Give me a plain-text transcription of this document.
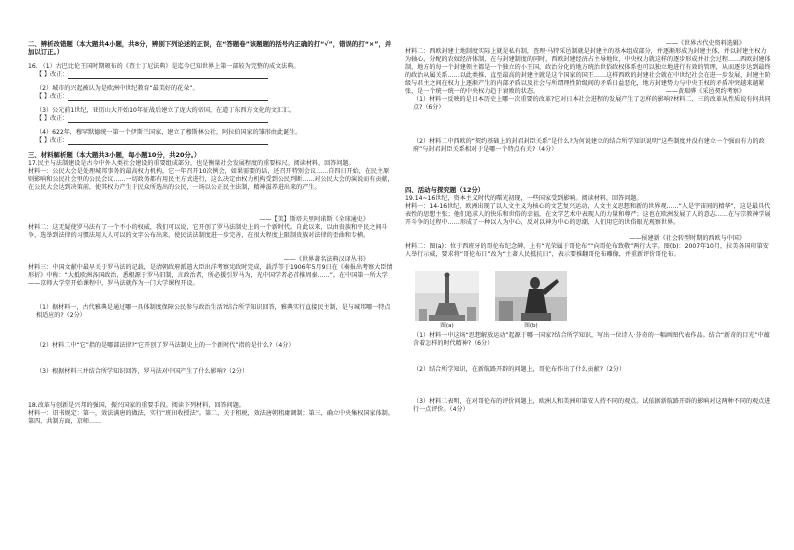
二、辨析改错题（本大题共4小题，共8分，辨别下列论述的正误，在“答题卷”该题题的括号内正确的打“√”，错误的打“×”，并加以订正。）

16. （1）古巴比伦王国时期颁布的《査士丁尼法典》是迄今已知世界上第一部较为完整的成文法典。

【 】改正：

（2）城市的兴起被认为是欧洲中世纪教育“最美好的花朵”。

【 】改正：

（3）公元前1世纪，亚历山大开始10年征战后建立了庞大的帝国，在道丁东西方文化的文汇汇。

【 】改正：

（4）622年，穆罕默德统一第一个伊斯兰国家，建立了穆斯林公社，阿拉伯国家的雏形由此诞生。

【 】改正：

三、材料解析题（本大题共3小题，每小题10分，共20分。）

17.民主与法制建设是古今中外人类社会建设的重要组成部分，也是衡量社会发展程度的重要标尺。阅读材料，回答问题。

材料一：公民大会是处理城邦事务的最高权力机构，它一年召开10次例会，如果需要的话，还召开特别会议……自四日开始，在民主原则影响和公民社会里的公民会议……一切政务都有用民主方式进行，这么决定由权力机构受到公民判断……对公民大会的演说而有贡献，在公民大会达到决策前，使其权力产生于民众所选出的公民，一场以公正民主法制，精神滋养进出来的产生。

——【美】斯塔夫里阿诺斯《全球通史》

材料二：这无疑使罗马法有了一个不小的权威，我们可以说，它开创了罗马法制史上的一个新时代。自此以来，以由贵族和平民之间斗争，选举到法律的习惯法用人人可以的文字公布出来，使民法法制度进一步完善，在很大程度上限制贵族对法律的歪曲和专横。

——《世界著名法典汉译丛书》

材料三：中国文献中最早关于罗马法的记载，是清朝政府派遣大臣出洋考察宪政时完成，载浮等于1906年5月9日在《奏报出考察大臣情形折》中称：“大抵欧洲各国政治，悉根源于罗马旧制，言政治者，所必援引罗马为，光中国学者必首推周秦……”。在中国第一所大学——京师大学堂开始课程中，罗马法就作为一门大学课程开设。

（1）据材料一，古代雅典是通过哪一具体制度保障公民参与政治生活?结合所学知识回答，雅典实行直接民主制，是与城邦哪一特点相适应的?（2分）

（2）材料二中“它”指的是哪部法律?“它开创了罗马法制史上的一个新时代”指的是什么?（4分）

（3）根据材料三并结合所学知识回答，罗马法对中国产生了什么影响?（2分）

18.改革与创新是兴邦的强国，振兴国家的重要手段。阅读下列材料，回答问题。

材料一：诏书规定：第一，效法满唐的做法，实行“班田收授法”。第二，关于租税，效法唐朝租庸调制；第三，确立中央集权国家体制。第四，共制方面，京师……

——《世界古代史资料选辑》

材料二：西欧封建土地制度实际上就是私有制，查理·马特采邑制就是封建主的基本组成部分，并逐渐形成为封建主体，并以封建主权力为轴心，分配的农奴经济体制，在与封建制度的同时，西欧封建经济占主导地位，中央权力就这样的逐步形成并社会过程……西欧封建体制，地方的每一个封建领主都是一个独立的小王国，政治分化的地方统治世俗政权体系也可以独立地进行有效的管理，从而逐步达到最终的政治从属关系……以此类推，直至最高的封建主就是这个国家的国王……这样西欧的封建社会就在中世纪社会在进一步发展，封建主阶级与君主之间在权力上逐渐产生的内部矛盾以及社会与所谓理性阶级间的矛盾日益恶化，地方封建势力与中央王权的矛盾冲突越来越紧张，是一个统一统一的中央权力趋于衰败的状态。	——黄瑞骅《采邑契约考察》

（1）材料一反映的是日本历史上哪一次重要的改革?它对日本社会进程的发展产生了怎样的影响?材料二、三的改革从性质说有何共同点?（6分）

（2）材料二中西欧的“契约基础上的封君封臣关系”是什么?为何说建立的结合所学知识说明“这些制度并没有建立一个强而有力的政府”与封君封臣关系相对于是哪一个特点有关?（4分）

四、活动与探究题（12分）

19.14~16世纪，资本主义时代的曙光初现，一些国家受到影响。阅读材料，回答问题。

材料一：14-16世纪，欧洲出现了以人文主义为核心的文艺复兴运动，人文主义思想和新的世界观……“人是宇宙间的精华”，这是最具代表性的思想主张；他们追求人的快乐和世俗的幸福，在文学艺术中表现人的力量和尊严；这也在欧洲发展了人的意志……在与宗教神学展开斗争的过程中……形成了一种以人为中心，反对以神为中心的思潮，人们用它的世俗眼光观察世界。

——侯建新《社会转型时期的西欧与中国》

材料二：图(a)：位于西班牙的哥伦布纪念碑，上有“光荣属于哥伦布”“向哥伦布致敬”两行大字。图(b)：2007年10月，拉美各国印第安人举行示威，要求将“哥伦布日”改为“土著人民抵抗日”，表示要推翻哥伦布雕像，并重新评价哥伦布。

图(a)	图(b)

（1）材料一中这场“思想解放运动”起源于哪一国家?结合所学知识，写出一位诗人·芬奇的一幅画图代表作品。结合“新奇的目光”中蕴含着怎样的时代精神?（6分）

（2）结合所学知识，在新航路开辟的问题上，哥伦布作出了什么贡献?（2分）

（3）材料二表明，在对哥伦布的评价问题上，欧洲人和美洲印第安人持不同的观点。试依据新航路开辟的影响对这两种不同的观点进行一点评价。（4分）
